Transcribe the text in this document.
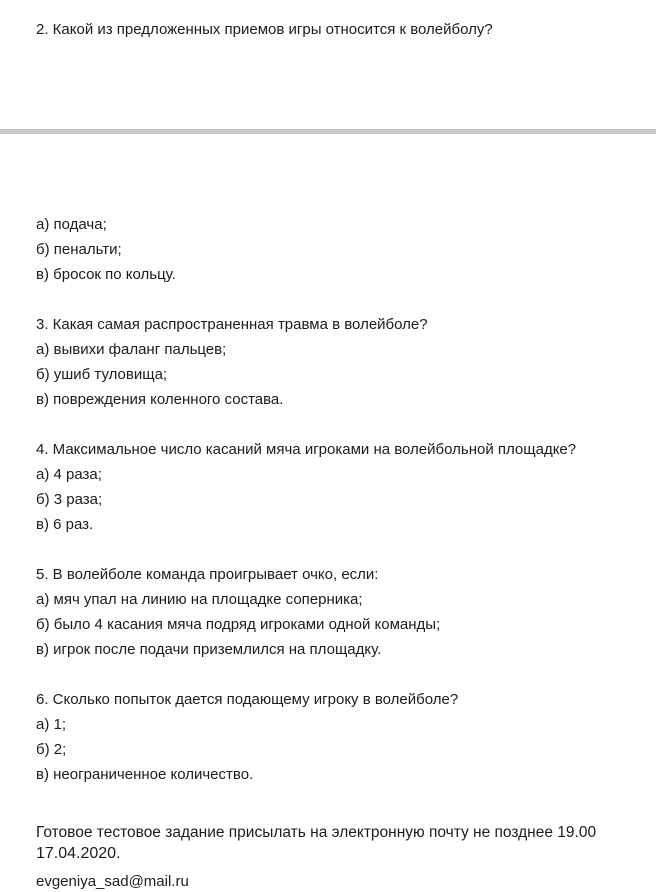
2. Какой из предложенных приемов игры относится к волейболу?
а) подача;
б) пенальти;
в) бросок по кольцу.
3. Какая самая распространенная травма в волейболе?
а) вывихи фаланг пальцев;
б) ушиб туловища;
в) повреждения коленного состава.
4. Максимальное число касаний мяча игроками на волейбольной площадке?
а) 4 раза;
б) 3 раза;
в) 6 раз.
5. В волейболе команда проигрывает очко, если:
а) мяч упал на линию на площадке соперника;
б) было 4 касания мяча подряд игроками одной команды;
в) игрок после подачи приземлился на площадку.
6. Сколько попыток дается подающему игроку в волейболе?
а) 1;
б) 2;
в) неограниченное количество.
Готовое тестовое задание присылать на электронную почту не позднее 19.00
17.04.2020.
evgeniya_sad@mail.ru
